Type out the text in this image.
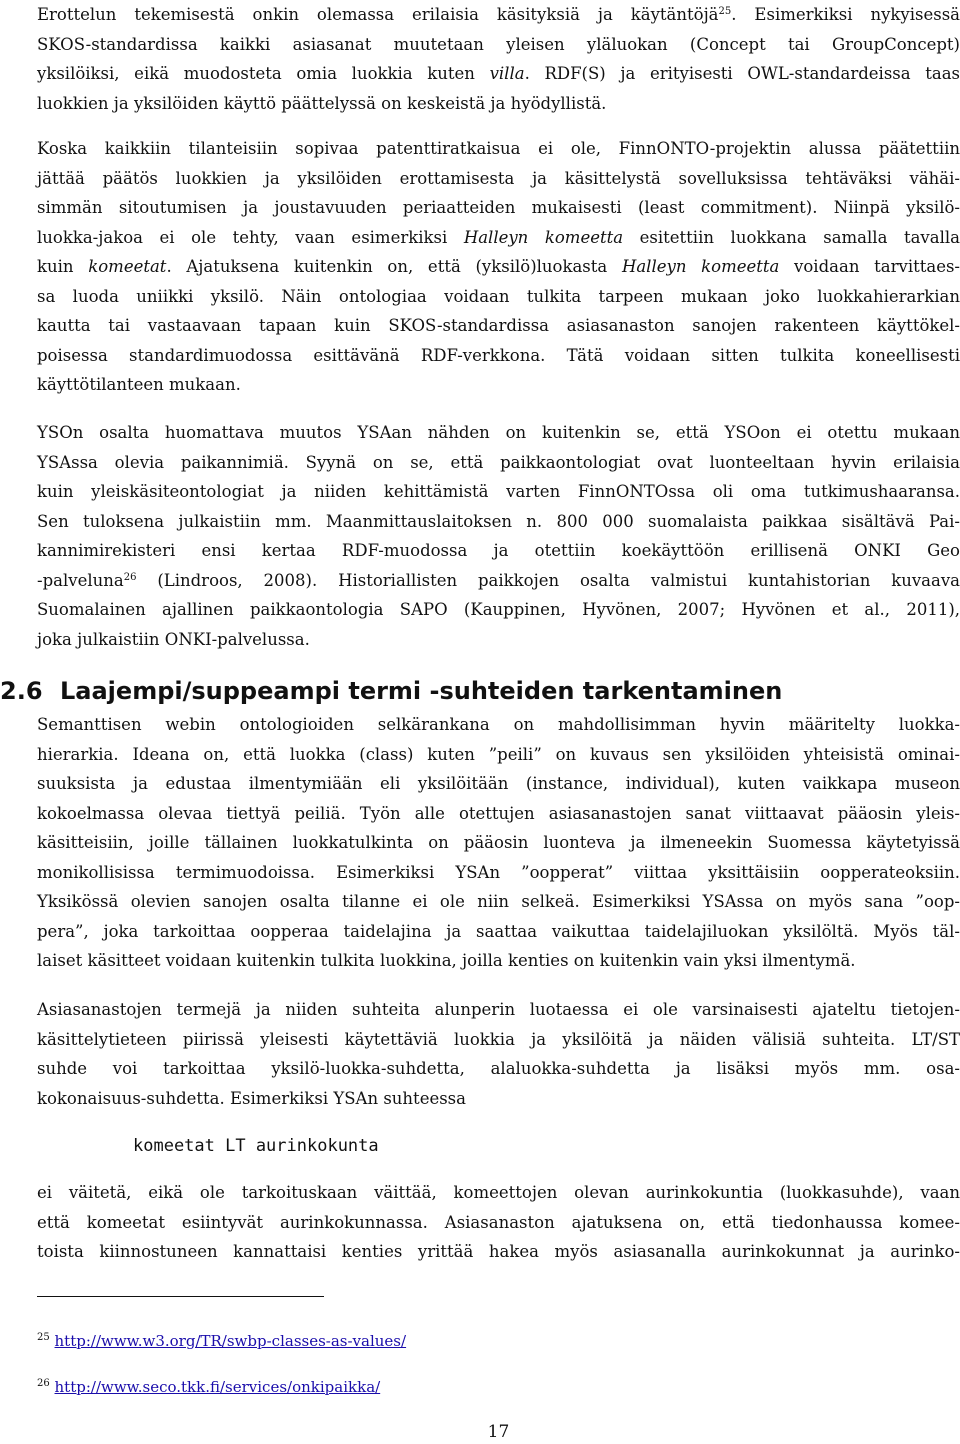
Erottelun tekemisestä onkin olemassa erilaisia käsityksiä ja käytäntöjä$^{25}$. Esimerkiksi nykyisessä
SKOS-standardissa kaikki asiasanat muutetaan yleisen yläluokan (Concept tai GroupConcept)
yksilöiksi, eikä muodosteta omia luokkia kuten villa. RDF(S) ja erityisesti OWL-standardeissa taas
luokkien ja yksilöiden käyttö päättelyssä on keskeistä ja hyödyllistä.
Koska kaikkiin tilanteisiin sopivaa patenttiratkaisua ei ole, FinnONTO-projektin alussa päätettiin
jättää päätös luokkien ja yksilöiden erottamisesta ja käsittelystä sovelluksissa tehtäväksi vähäi-
simmän sitoutumisen ja joustavuuden periaatteiden mukaisesti (least commitment). Niinpä yksilö-
luokka-jakoa ei ole tehty, vaan esimerkiksi Halleyn komeetta esitettiin luokkana samalla tavalla
kuin komeetat. Ajatuksena kuitenkin on, että (yksilö)luokasta Halleyn komeetta voidaan tarvittaes-
sa luoda uniikki yksilö. Näin ontologiaa voidaan tulkita tarpeen mukaan joko luokkahierarkian
kautta tai vastaavaan tapaan kuin SKOS-standardissa asiasanaston sanojen rakenteen käyttökel-
poisessa standardimuodossa esittävänä RDF-verkkona. Tätä voidaan sitten tulkita koneellisesti
käyttötilanteen mukaan.
YSOn osalta huomattava muutos YSAan nähden on kuitenkin se, että YSOon ei otettu mukaan
YSAssa olevia paikannimiä. Syynä on se, että paikkaontologiat ovat luonteeltaan hyvin erilaisia
kuin yleiskäsiteontologiat ja niiden kehittämistä varten FinnONTOssa oli oma tutkimushaaransa.
Sen tuloksena julkaistiin mm. Maanmittauslaitoksen n. 800 000 suomalaista paikkaa sisältävä Pai-
kannimirekisteri ensi kertaa RDF-muodossa ja otettiin koekäyttöön erillisenä ONKI Geo
-palveluna$^{26}$ (Lindroos, 2008). Historiallisten paikkojen osalta valmistui kuntahistorian kuvaava
Suomalainen ajallinen paikkaontologia SAPO (Kauppinen, Hyvönen, 2007; Hyvönen et al., 2011),
joka julkaistiin ONKI-palvelussa.
2.6 Laajempi/suppeampi termi -suhteiden tarkentaminen
Semanttisen webin ontologioiden selkärankana on mahdollisimman hyvin määritelty luokka-
hierarkia. Ideana on, että luokka (class) kuten ”peili” on kuvaus sen yksilöiden yhteisistä ominai-
suuksista ja edustaa ilmentymiään eli yksilöitään (instance, individual), kuten vaikkapa museon
kokoelmassa olevaa tiettyä peiliä. Työn alle otettujen asiasanastojen sanat viittaavat pääosin yleis-
käsitteisiin, joille tällainen luokkatulkinta on pääosin luonteva ja ilmeneekin Suomessa käytetyissä
monikollisissa termimuodoissa. Esimerkiksi YSAn ”oopperat” viittaa yksittäisiin oopperateoksiin.
Yksikössä olevien sanojen osalta tilanne ei ole niin selkeä. Esimerkiksi YSAssa on myös sana ”oop-
pera”, joka tarkoittaa oopperaa taidelajina ja saattaa vaikuttaa taidelajiluokan yksilöltä. Myös täl-
laiset käsitteet voidaan kuitenkin tulkita luokkina, joilla kenties on kuitenkin vain yksi ilmentymä.
Asiasanastojen termejä ja niiden suhteita alunperin luotaessa ei ole varsinaisesti ajateltu tietojen-
käsittelytieteen piirissä yleisesti käytettäviä luokkia ja yksilöitä ja näiden välisiä suhteita. LT/ST
suhde voi tarkoittaa yksilö-luokka-suhdetta, alaluokka-suhdetta ja lisäksi myös mm. osa-
kokonaisuus-suhdetta. Esimerkiksi YSAn suhteessa
komeetat LT aurinkokunta
ei väitetä, eikä ole tarkoituskaan väittää, komeettojen olevan aurinkokuntia (luokkasuhde), vaan
että komeetat esiintyvät aurinkokunnassa. Asiasanaston ajatuksena on, että tiedonhaussa komee-
toista kiinnostuneen kannattaisi kenties yrittää hakea myös asiasanalla aurinkokunnat ja aurinko-
$^{25}$ http://www.w3.org/TR/swbp-classes-as-values/
$^{26}$ http://www.seco.tkk.fi/services/onkipaikka/
17
